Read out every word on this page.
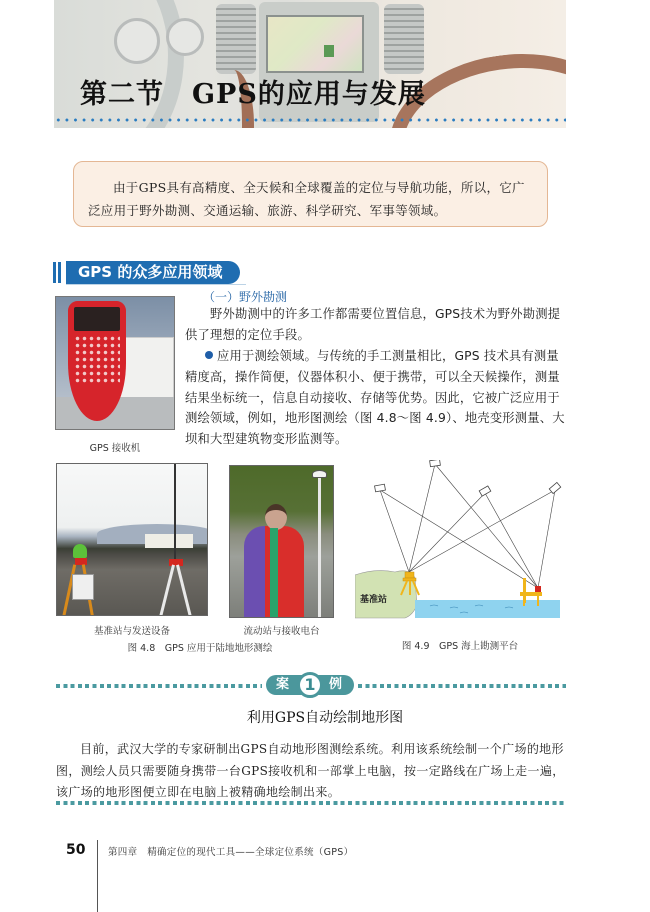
第二节　GPS的应用与发展

由于GPS具有高精度、全天候和全球覆盖的定位与导航功能，所以，它广泛应用于野外勘测、交通运输、旅游、科学研究、军事等领域。

GPS 的众多应用领域
GPS 接收机
（一）野外勘测
野外勘测中的许多工作都需要位置信息，GPS技术为野外勘测提供了理想的定位手段。
应用于测绘领域。与传统的手工测量相比，GPS 技术具有测量精度高，操作简便，仪器体积小、便于携带，可以全天候操作，测量结果坐标统一，信息自动接收、存储等优势。因此，它被广泛应用于测绘领域，例如，地形图测绘（图 4.8～图 4.9）、地壳变形测量、大坝和大型建筑物变形监测等。
基准站与发送设备	流动站与接收电台
图 4.8　GPS 应用于陆地地形测绘
基准站
图 4.9　GPS 海上勘测平台
案	例
1
利用GPS自动绘制地形图
目前，武汉大学的专家研制出GPS自动地形图测绘系统。利用该系统绘制一个广场的地形图，测绘人员只需要随身携带一台GPS接收机和一部掌上电脑，按一定路线在广场上走一遍，该广场的地形图便立即在电脑上被精确地绘制出来。
50 第四章　精确定位的现代工具——全球定位系统（GPS）
